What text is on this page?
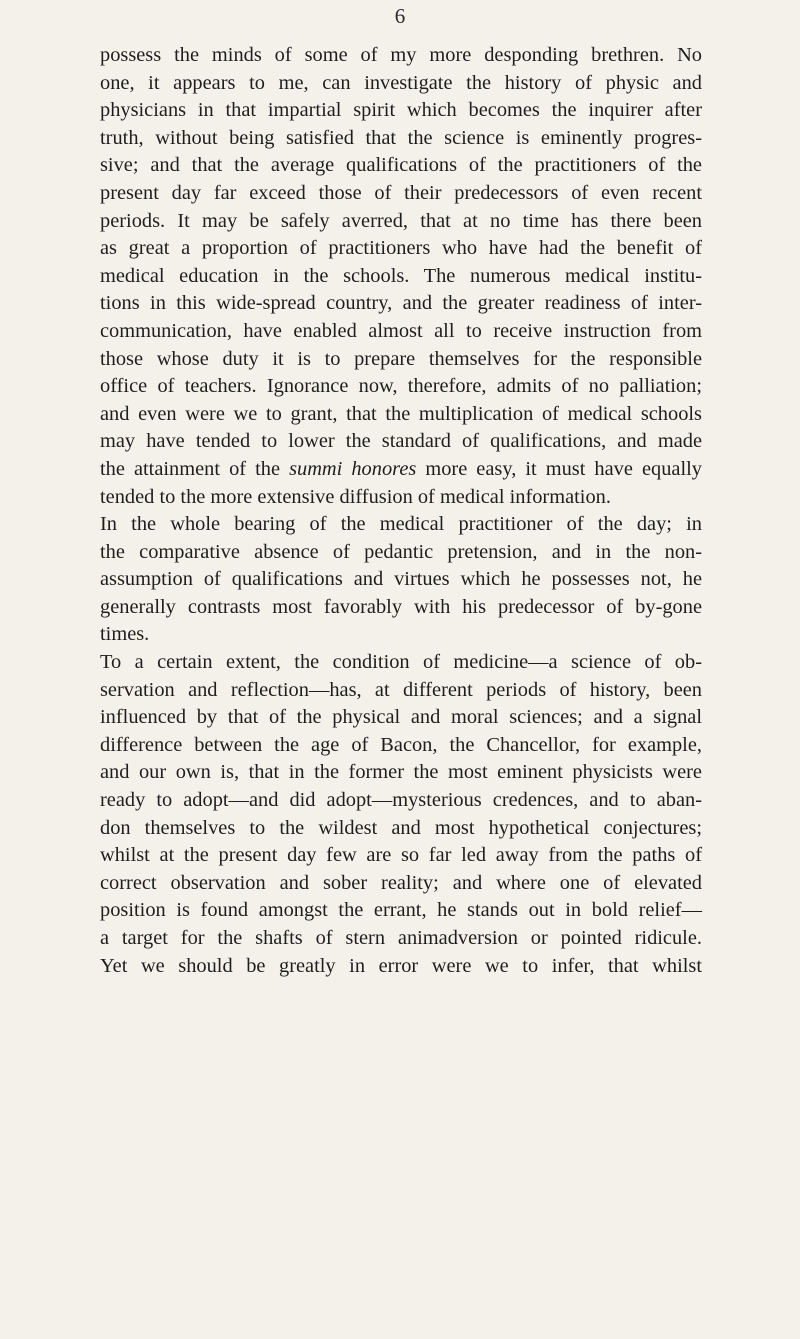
6
possess the minds of some of my more desponding brethren. No
one, it appears to me, can investigate the history of physic and
physicians in that impartial spirit which becomes the inquirer after
truth, without being satisfied that the science is eminently progres-
sive; and that the average qualifications of the practitioners of the
present day far exceed those of their predecessors of even recent
periods. It may be safely averred, that at no time has there been
as great a proportion of practitioners who have had the benefit of
medical education in the schools. The numerous medical institu-
tions in this wide-spread country, and the greater readiness of inter-
communication, have enabled almost all to receive instruction from
those whose duty it is to prepare themselves for the responsible
office of teachers. Ignorance now, therefore, admits of no palliation;
and even were we to grant, that the multiplication of medical schools
may have tended to lower the standard of qualifications, and made
the attainment of the summi honores more easy, it must have equally
tended to the more extensive diffusion of medical information.
In the whole bearing of the medical practitioner of the day; in
the comparative absence of pedantic pretension, and in the non-
assumption of qualifications and virtues which he possesses not, he
generally contrasts most favorably with his predecessor of by-gone
times.
To a certain extent, the condition of medicine—a science of ob-
servation and reflection—has, at different periods of history, been
influenced by that of the physical and moral sciences; and a signal
difference between the age of Bacon, the Chancellor, for example,
and our own is, that in the former the most eminent physicists were
ready to adopt—and did adopt—mysterious credences, and to aban-
don themselves to the wildest and most hypothetical conjectures;
whilst at the present day few are so far led away from the paths of
correct observation and sober reality; and where one of elevated
position is found amongst the errant, he stands out in bold relief—
a target for the shafts of stern animadversion or pointed ridicule.
Yet we should be greatly in error were we to infer, that whilst
